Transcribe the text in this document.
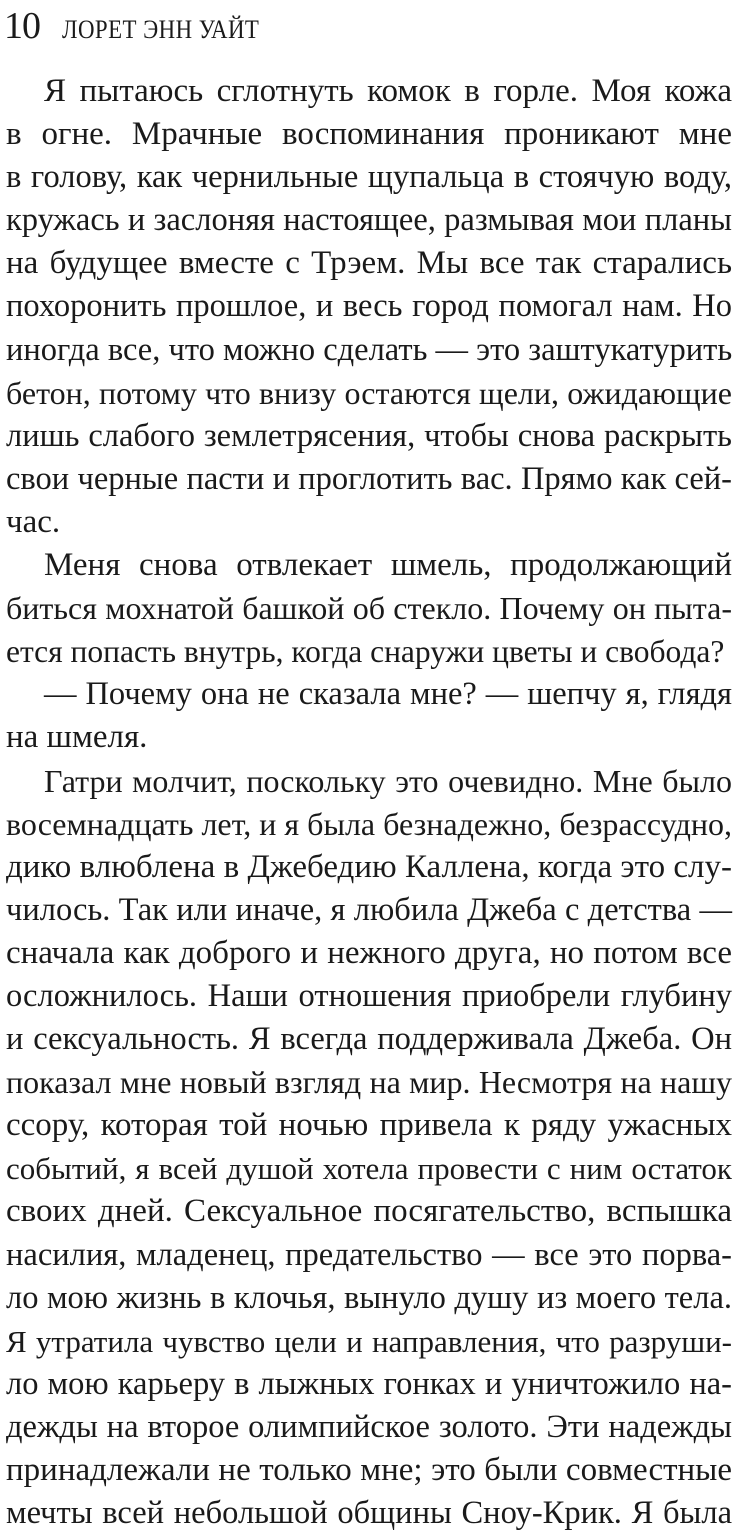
10 ЛОРЕТ ЭНН УАЙТ
Я пытаюсь сглотнуть комок в горле. Моя кожа
в огне. Мрачные воспоминания проникают мне
в голову, как чернильные щупальца в стоячую воду,
кружась и заслоняя настоящее, размывая мои планы
на будущее вместе с Трэем. Мы все так старались
похоронить прошлое, и весь город помогал нам. Но
иногда все, что можно сделать — это заштукатурить
бетон, потому что внизу остаются щели, ожидающие
лишь слабого землетрясения, чтобы снова раскрыть
свои черные пасти и проглотить вас. Прямо как сей-
час.
Меня снова отвлекает шмель, продолжающий
биться мохнатой башкой об стекло. Почему он пыта-
ется попасть внутрь, когда снаружи цветы и свобода?
— Почему она не сказала мне? — шепчу я, глядя
на шмеля.
Гатри молчит, поскольку это очевидно. Мне было
восемнадцать лет, и я была безнадежно, безрассудно,
дико влюблена в Джебедию Каллена, когда это слу-
чилось. Так или иначе, я любила Джеба с детства —
сначала как доброго и нежного друга, но потом все
осложнилось. Наши отношения приобрели глубину
и сексуальность. Я всегда поддерживала Джеба. Он
показал мне новый взгляд на мир. Несмотря на нашу
ссору, которая той ночью привела к ряду ужасных
событий, я всей душой хотела провести с ним остаток
своих дней. Сексуальное посягательство, вспышка
насилия, младенец, предательство — все это порва-
ло мою жизнь в клочья, вынуло душу из моего тела.
Я утратила чувство цели и направления, что разруши-
ло мою карьеру в лыжных гонках и уничтожило на-
дежды на второе олимпийское золото. Эти надежды
принадлежали не только мне; это были совместные
мечты всей небольшой общины Сноу-Крик. Я была
